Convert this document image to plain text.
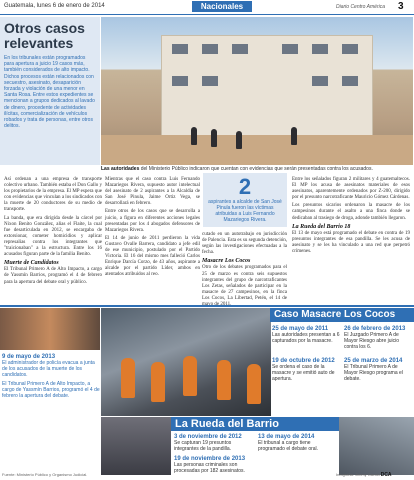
Guatemala, lunes 6 de enero de 2014	Nacionales	Diario Centro América 3
Otros casos relevantes

En los tribunales están programados para apertura a juicio 19 casos más, también considerados de alto impacto. Dichos procesos están relacionados con secuestro, asesinato, desaparición forzada y violación de una menor en Santa Rosa. Entre estos expedientes se mencionan a grupos dedicados al lavado de dinero, procedente de actividades ilícitas, comercialización de vehículos robados y trata de personas, entre otros delitos.

Las autoridades del Ministerio Público indicaron que cuentan con evidencias que serán presentadas contra los acusados.

Así ordenan a una empresa de transporte colectivo urbano. También estaba el Don Gallo y los propietarios de la empresa. El MP espera que con evidencias que vinculan a los sindicados con la muerte de 20 conductores de su medio de transporte.

La banda, que era dirigida desde la cárcel por Nixon Benito González, alias el Flaite, la cual fue desarticulada en 2012, se encargaba de extorsionar, cometer homicidios y aplicar represalias contra los integrantes que "traicionaban" a la estructura. Entre los 16 acusados figuran parte de la familia Benito.

Muerte de Candidatos

El Tribunal Primero A de Alto Impacto, a cargo de Yassmín Barrios, programó el 4 de febrero para la apertura del debate oral y público.

Mientras que el caso contra Luis Fernando Mazariegos Rivera, supuesto autor intelectual del asesinato de 2 aspirantes a la Alcaldía de San José Pinula, Jaime Ortiz Vega, se desarrollará en febrero.

Entre otros de los casos que se desarrolla a juicio, a figura en diferentes acciones legales presentadas por los 4 abogados defensores de Mazariegos Rivera.

El 14 de junio de 2011 perdieron la vida Gustavo Ovalle Barrera, candidato a jefe edil de ese municipio, postulado por el Partido Victoria. El 16 del mismo mes falleció Carlos Enrique Darcía Corzo, de 43 años, aspirante a alcalde por el partido Líder, ambos en atentados atribuidos al reo.

2
aspirantes a alcalde de San José Pinula fueron las víctimas atribuidas a Luis Fernando Mazariegos Rivera.

cutado en un autotrabajo en jurisdicción de Palencia. Esta es su segunda detención, según las investigaciones efectuadas a la fecha.

Masacre Los Cocos

Otro de los debates programados para el 25 de marzo es contra seis supuestos integrantes del grupo de narcotraficantes Los Zetas, señalados de participar en la masacre de 27 campesinos, en la finca Los Cocos, La Libertad, Petén, el 14 de

Entre los señalados figuran 2 militares y 4 guatemaltecos. El MP los acusa de asesinatos materiales de esos asesinatos, aparentemente ordenados por Z-200, dirigido por el presunto narcotraficante Mauricio Gómez Cárdenas.

Los presuntos sicarios ordenaron la masacre de los campesinos durante el asalto a una finca donde se dedicaban al trasiego de droga, adonde también llegaron.

La Rueda del Barrio 18

El 13 de mayo está programado el debate en contra de 19 presuntos integrantes de esa pandilla. Se les acusa de asesinato y se les ha vinculado a una red que perpetró crímenes.

9 de mayo de 2013
El administrador de policía evacua a junta de los acusados de la muerte de los candidatos.
El Tribunal Primero A de Alto Impacto, a cargo de Yassmín Barrios, programó el 4 de febrero la apertura del debate.
Caso Masacre Los Cocos
25 de mayo de 2011
Las autoridades presentan a 6 capturados por la masacre.
26 de febrero de 2013
El Juzgado Primero A de Mayor Riesgo abre juicio contra los 6.
19 de octubre de 2012
Se ordena el caso de la masacre y se emitió auto de apertura.
25 de marzo de 2014
El Tribunal Primero A de Mayor Riesgo programa el debate.
La Rueda del Barrio
3 de noviembre de 2012
Se capturan 19 presuntos integrantes de la pandilla.
13 de mayo de 2014
El tribunal a cargo tiene programado el debate oral.
19 de noviembre de 2013
Las personas criminales son procesadas por 182 asesinatos.
Fuente: Ministerio Público y Organismo Judicial.	Infografía: Jimmy Garcia DCA
